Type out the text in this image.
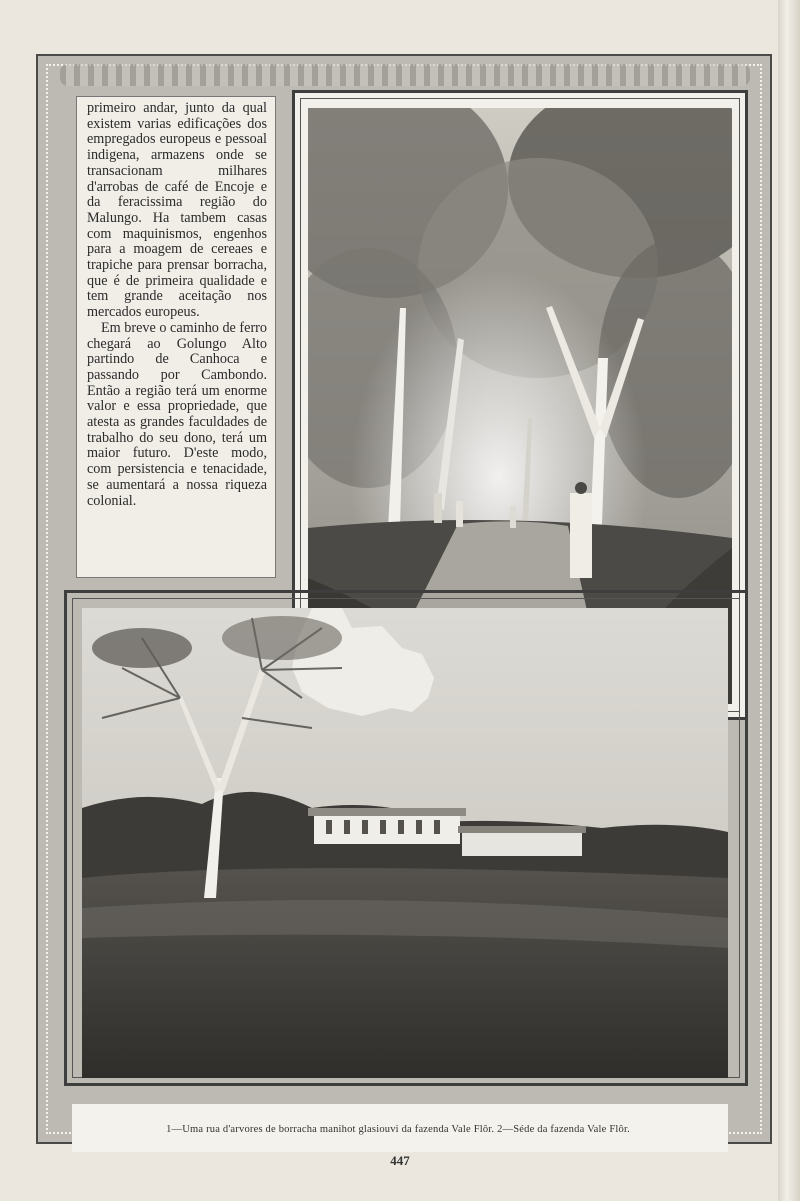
primeiro andar, junto da qual existem varias edificações dos empregados europeus e pessoal indigena, armazens onde se transacionam milhares d'arrobas de café de Encoje e da feracissima região do Malungo. Ha tambem casas com maquinismos, engenhos para a moagem de cereaes e trapiche para prensar borracha, que é de primeira qualidade e tem grande aceitação nos mercados europeus.

Em breve o caminho de ferro chegará ao Golungo Alto partindo de Canhoca e passando por Cambondo. Então a região terá um enorme valor e essa propriedade, que atesta as grandes faculdades de trabalho do seu dono, terá um maior futuro. D'este modo, com persistencia e tenacidade, se aumentará a nossa riqueza colonial.

1—Uma rua d'arvores de borracha manihot glasiouvi da fazenda Vale Flôr. 2—Séde da fazenda Vale Flôr.
447
